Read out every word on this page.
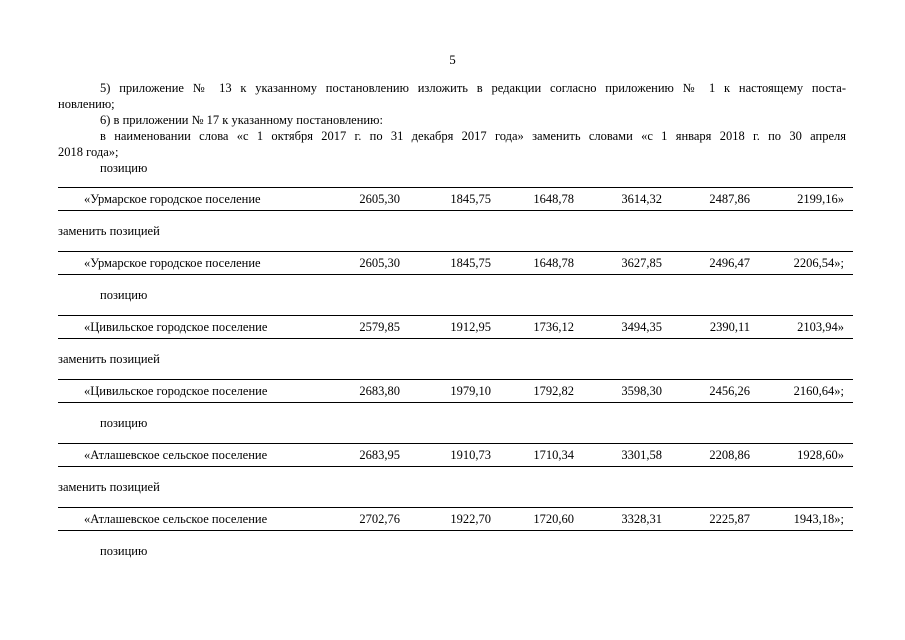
5
5) приложение № 13 к указанному постановлению изложить в редакции согласно приложению № 1 к настоящему поста-
новлению;
6) в приложении № 17 к указанному постановлению:
в наименовании слова «с 1 октября 2017 г. по 31 декабря 2017 года» заменить словами «с 1 января 2018 г. по 30 апреля
2018 года»;
позицию
«Урмарское городское поселение	2605,30	1845,75	1648,78	3614,32	2487,86	2199,16»
заменить позицией
«Урмарское городское поселение	2605,30	1845,75	1648,78	3627,85	2496,47	2206,54»;
позицию
«Цивильское городское поселение	2579,85	1912,95	1736,12	3494,35	2390,11	2103,94»
заменить позицией
«Цивильское городское поселение	2683,80	1979,10	1792,82	3598,30	2456,26	2160,64»;
позицию
«Атлашевское сельское поселение	2683,95	1910,73	1710,34	3301,58	2208,86	1928,60»
заменить позицией
«Атлашевское сельское поселение	2702,76	1922,70	1720,60	3328,31	2225,87	1943,18»;
позицию
